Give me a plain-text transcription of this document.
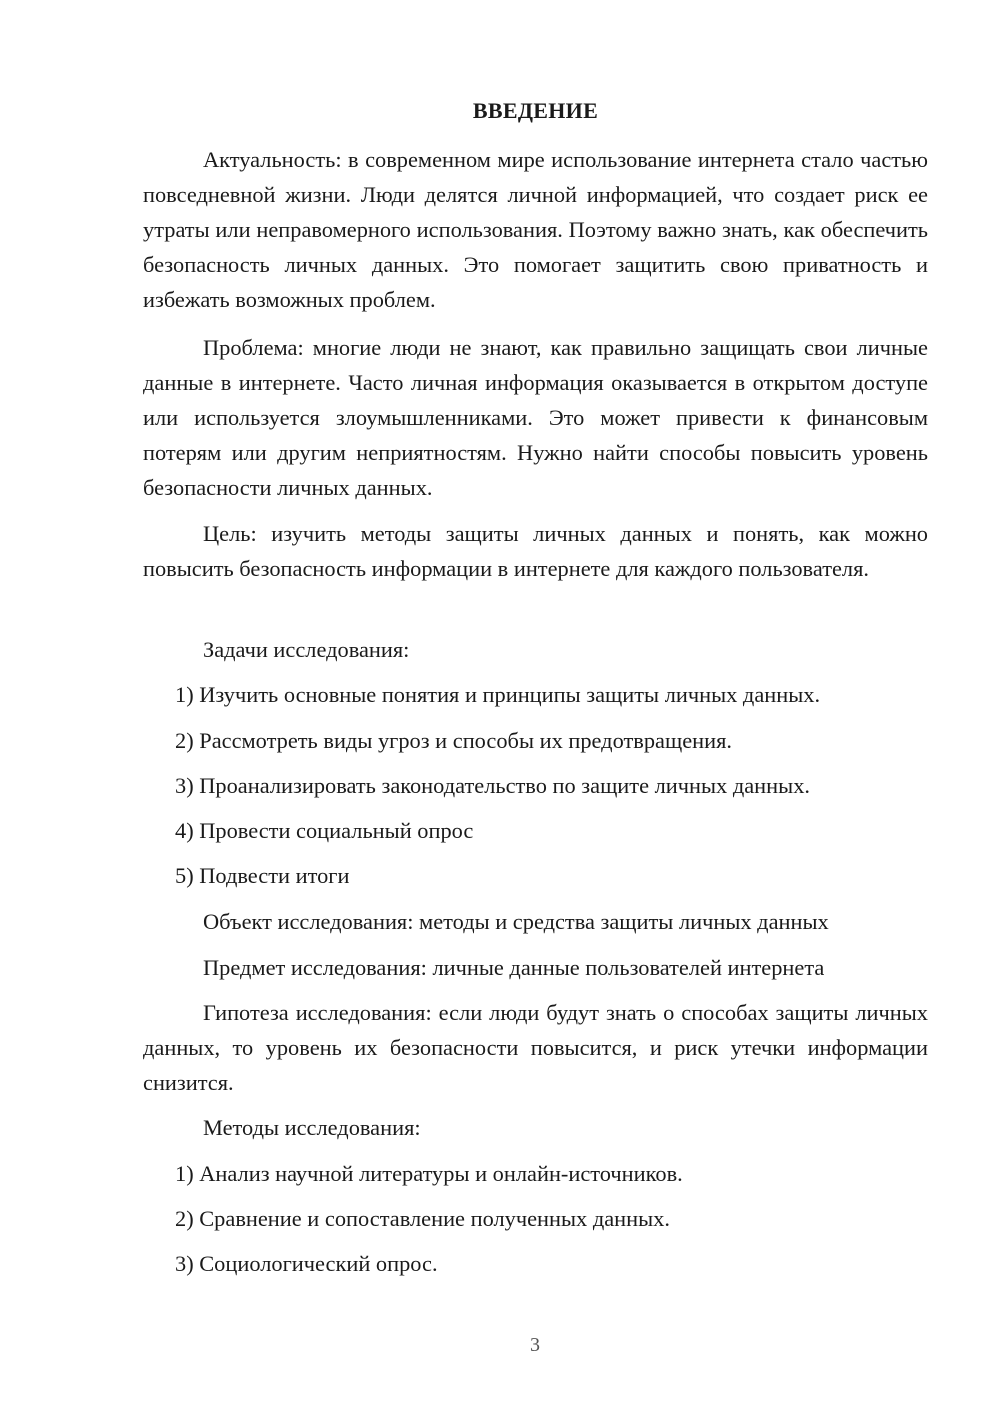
ВВЕДЕНИЕ

Актуальность: в современном мире использование интернета стало частью повседневной жизни. Люди делятся личной информацией, что создает риск ее утраты или неправомерного использования. Поэтому важно знать, как обеспечить безопасность личных данных. Это помогает защитить свою приватность и избежать возможных проблем.

Проблема: многие люди не знают, как правильно защищать свои личные данные в интернете. Часто личная информация оказывается в открытом доступе или используется злоумышленниками. Это может привести к финансовым потерям или другим неприятностям. Нужно найти способы повысить уровень безопасности личных данных.

Цель: изучить методы защиты личных данных и понять, как можно повысить безопасность информации в интернете для каждого пользователя.

Задачи исследования:
1) Изучить основные понятия и принципы защиты личных данных.
2) Рассмотреть виды угроз и способы их предотвращения.
3) Проанализировать законодательство по защите личных данных.
4) Провести социальный опрос
5) Подвести итоги
Объект исследования: методы и средства защиты личных данных
Предмет исследования: личные данные пользователей интернета

Гипотеза исследования: если люди будут знать о способах защиты личных данных, то уровень их безопасности повысится, и риск утечки информации снизится.

Методы исследования:
1) Анализ научной литературы и онлайн-источников.
2) Сравнение и сопоставление полученных данных.
3) Социологический опрос.
3
